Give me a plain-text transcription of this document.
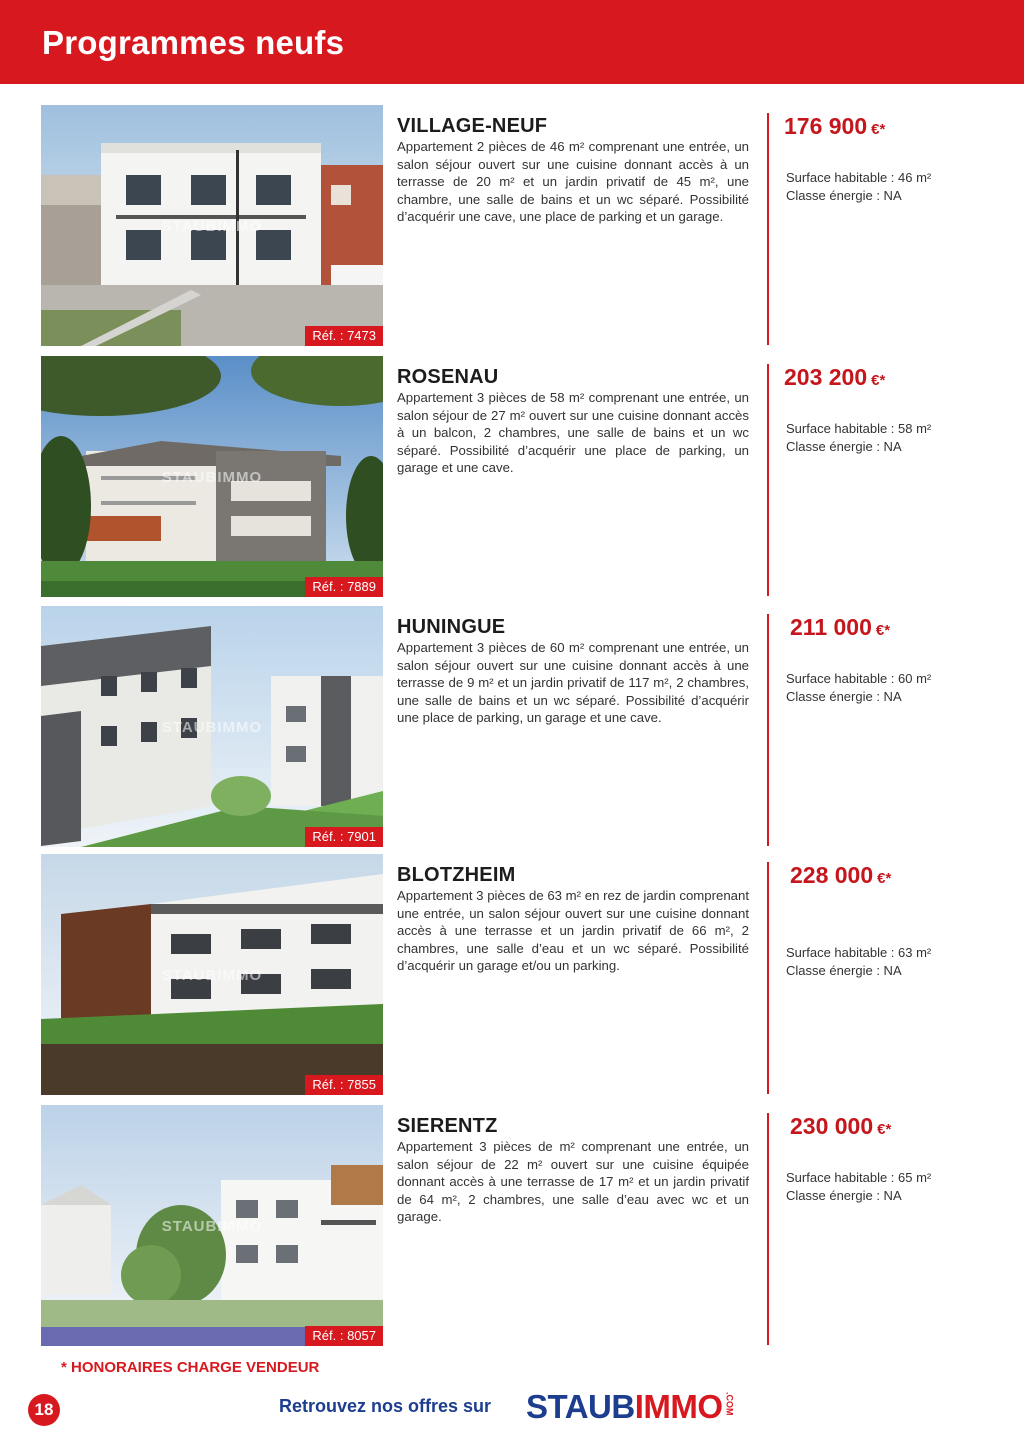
Programmes neufs
STAUBIMMO
Réf. : 7473
VILLAGE-NEUF
Appartement 2 pièces de 46 m² comprenant une entrée, un salon séjour ouvert sur une cuisine donnant accès à un terrasse de 20 m² et un jardin privatif de 45 m², une chambre, une salle de bains et un wc séparé. Possibilité d’acquérir une cave, une place de parking et un garage.
176 900 €*
Surface habitable : 46 m²
Classe énergie : NA
STAUBIMMO
Réf. : 7889
ROSENAU
Appartement 3 pièces de 58 m² comprenant une entrée, un salon séjour de 27 m² ouvert sur une cuisine donnant accès à un balcon, 2 chambres, une salle de bains et un wc séparé. Possibilité d’acquérir une place de parking, un garage et une cave.
203 200 €*
Surface habitable : 58 m²
Classe énergie : NA
STAUBIMMO
Réf. : 7901
HUNINGUE
Appartement 3 pièces de 60 m² comprenant une entrée, un salon séjour ouvert sur une cuisine donnant accès à une terrasse de 9 m² et un jardin privatif de 117 m², 2 chambres, une salle de bains et un wc séparé. Possibilité d’acquérir une place de parking, un garage et une cave.
211 000 €*
Surface habitable : 60 m²
Classe énergie : NA
STAUBIMMO
Réf. : 7855
BLOTZHEIM
Appartement 3 pièces de 63 m² en rez de jardin comprenant une entrée, un salon séjour ouvert sur une cuisine donnant accès à une terrasse et un jardin privatif de 66 m², 2 chambres, une salle d’eau et un wc séparé. Possibilité d’acquérir un garage et/ou un parking.
228 000 €*
Surface habitable : 63 m²
Classe énergie : NA
STAUBIMMO
Réf. : 8057
SIERENTZ
Appartement 3 pièces de m² comprenant une entrée, un salon séjour de 22 m² ouvert sur une cuisine équipée donnant accès à une terrasse de 17 m² et un jardin privatif de 64 m², 2 chambres, une salle d’eau avec wc et un garage.
230 000 €*
Surface habitable : 65 m²
Classe énergie : NA
* HONORAIRES CHARGE VENDEUR
18	Retrouvez nos offres sur STAUB IMMO .COM
